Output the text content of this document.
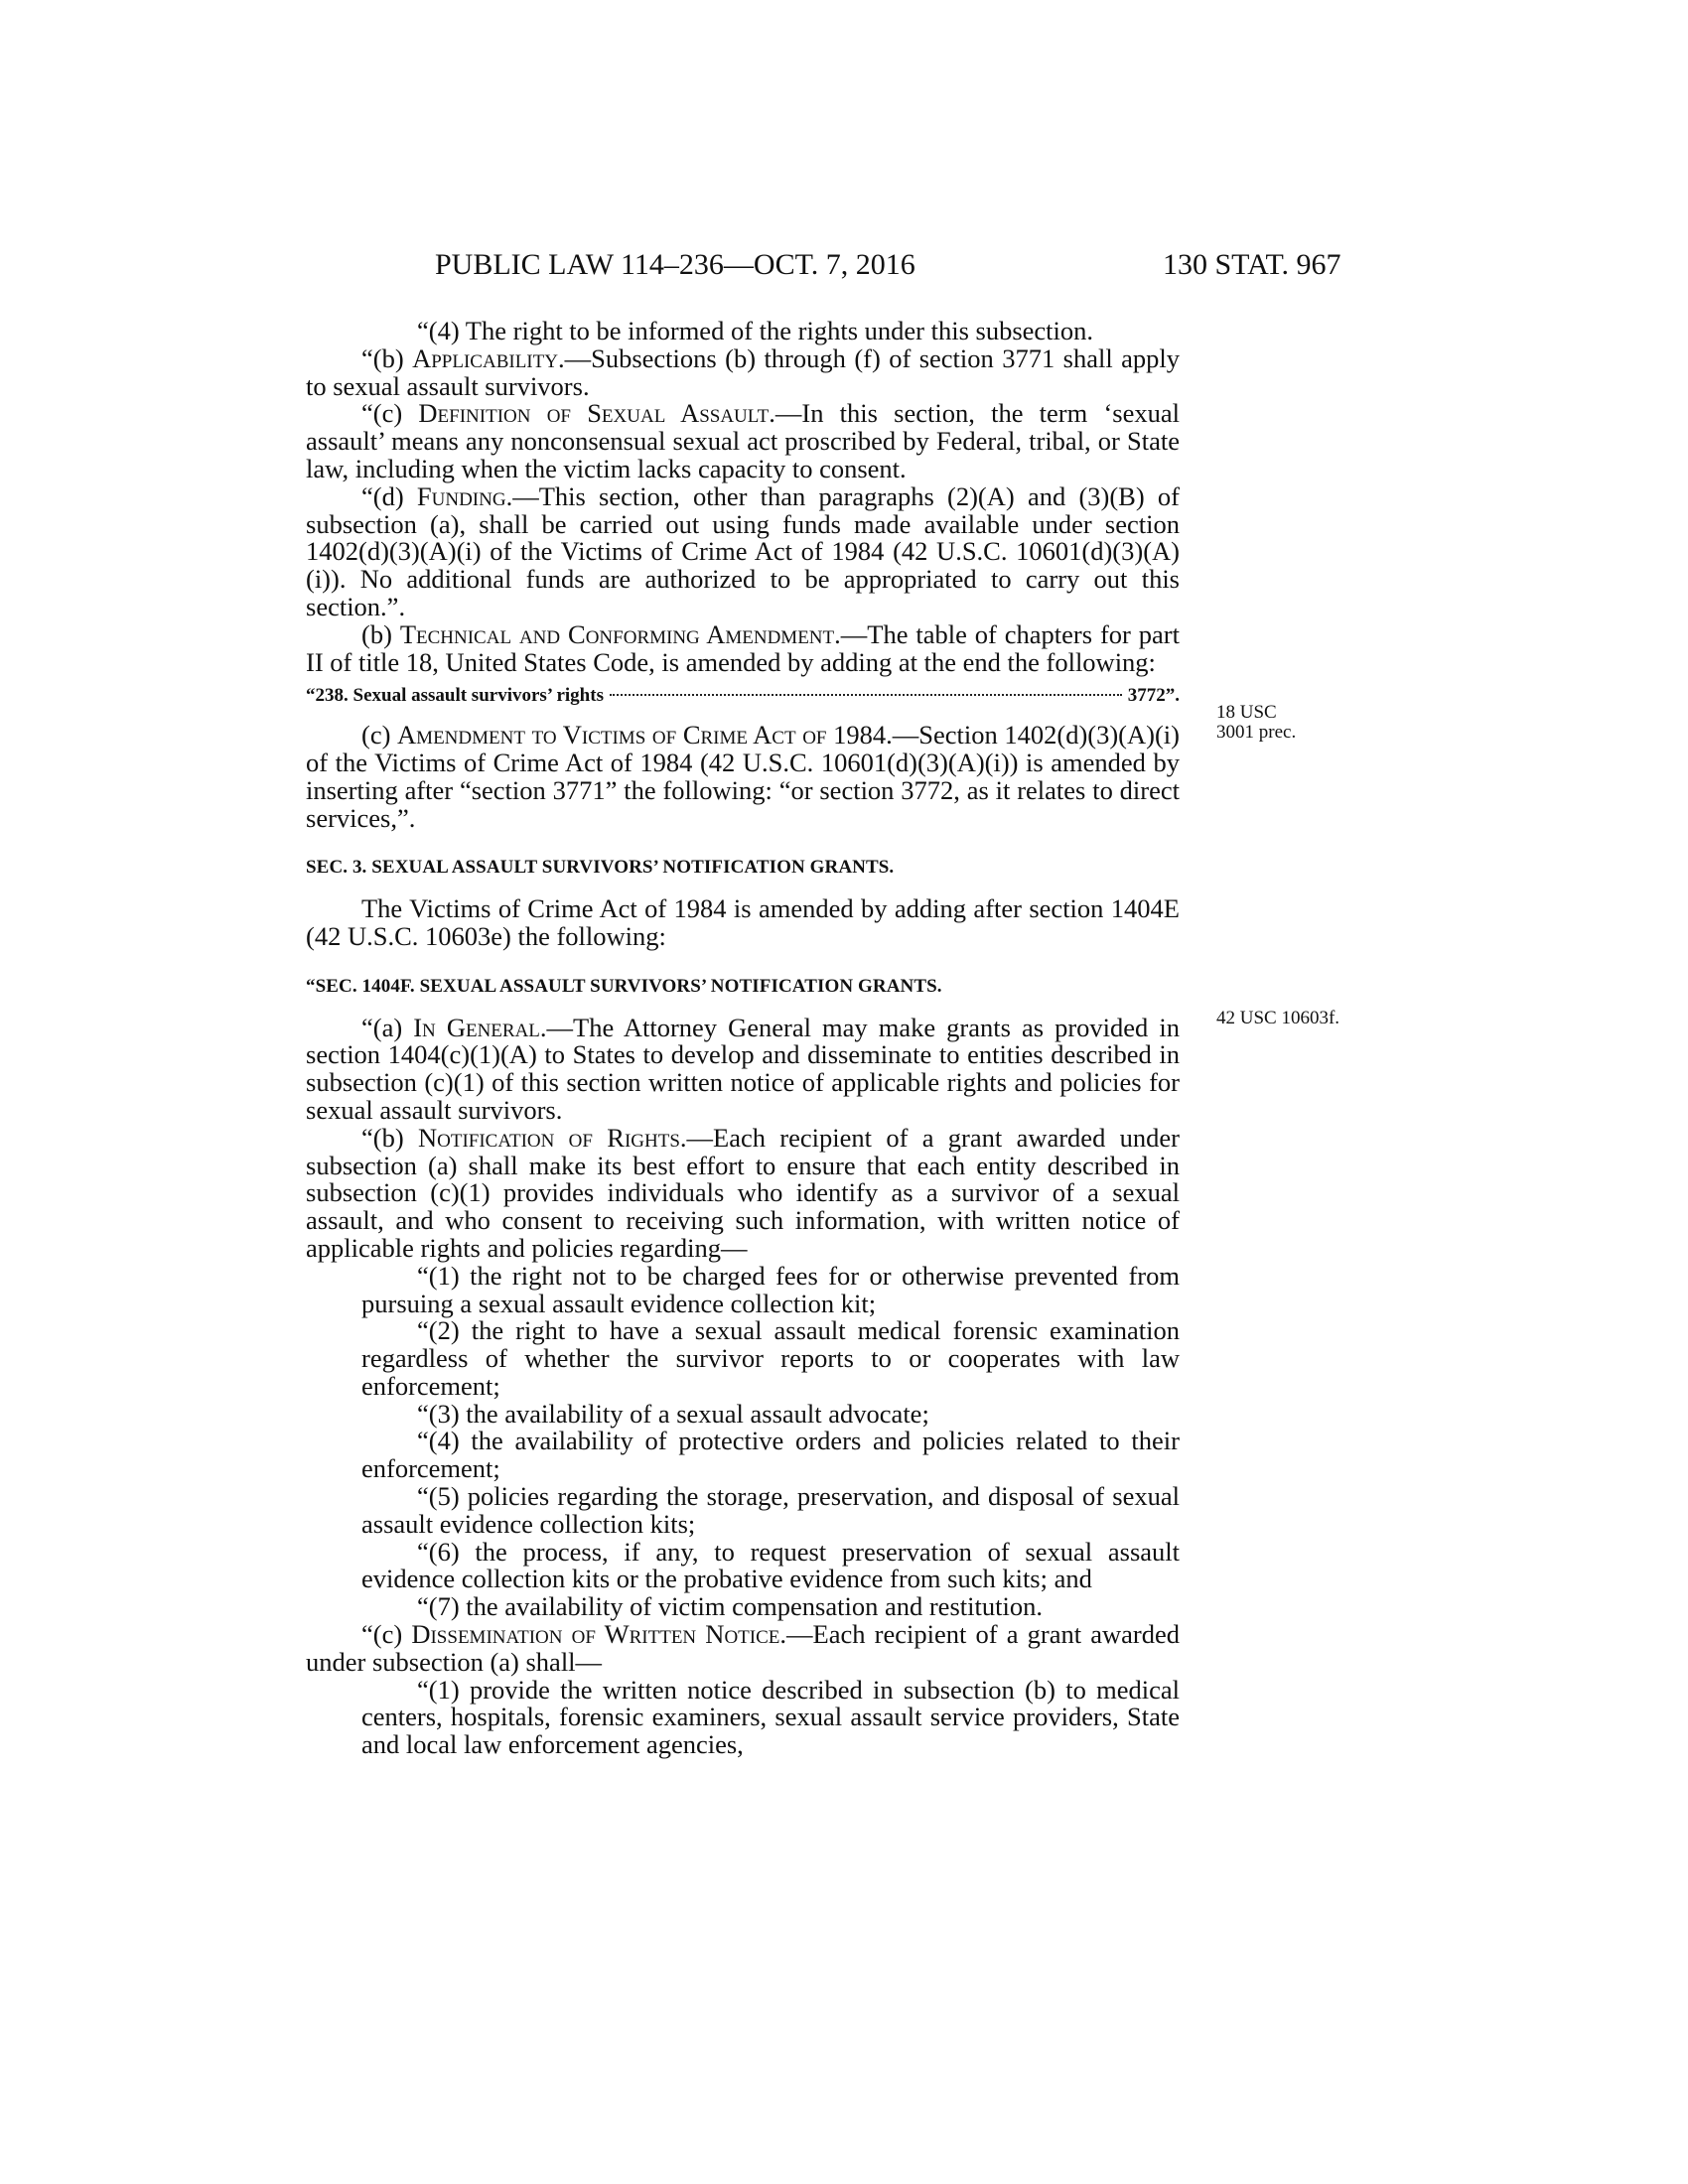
PUBLIC LAW 114–236—OCT. 7, 2016	130 STAT. 967
18 USC
3001 prec.
42 USC 10603f.

“(4) The right to be informed of the rights under this subsection.

“(b) Applicability.—Subsections (b) through (f) of section 3771 shall apply to sexual assault survivors.

“(c) Definition of Sexual Assault.—In this section, the term ‘sexual assault’ means any nonconsensual sexual act proscribed by Federal, tribal, or State law, including when the victim lacks capacity to consent.

“(d) Funding.—This section, other than paragraphs (2)(A) and (3)(B) of subsection (a), shall be carried out using funds made available under section 1402(d)(3)(A)(i) of the Victims of Crime Act of 1984 (42 U.S.C. 10601(d)(3)(A)(i)). No additional funds are authorized to be appropriated to carry out this section.”.

(b) Technical and Conforming Amendment.—The table of chapters for part II of title 18, United States Code, is amended by adding at the end the following:

“238. Sexual assault survivors’ rights	3772”.

(c) Amendment to Victims of Crime Act of 1984.—Section 1402(d)(3)(A)(i) of the Victims of Crime Act of 1984 (42 U.S.C. 10601(d)(3)(A)(i)) is amended by inserting after “section 3771” the following: “or section 3772, as it relates to direct services,”.

SEC. 3. SEXUAL ASSAULT SURVIVORS’ NOTIFICATION GRANTS.

The Victims of Crime Act of 1984 is amended by adding after section 1404E (42 U.S.C. 10603e) the following:

“SEC. 1404F. SEXUAL ASSAULT SURVIVORS’ NOTIFICATION GRANTS.

“(a) In General.—The Attorney General may make grants as provided in section 1404(c)(1)(A) to States to develop and disseminate to entities described in subsection (c)(1) of this section written notice of applicable rights and policies for sexual assault survivors.

“(b) Notification of Rights.—Each recipient of a grant awarded under subsection (a) shall make its best effort to ensure that each entity described in subsection (c)(1) provides individuals who identify as a survivor of a sexual assault, and who consent to receiving such information, with written notice of applicable rights and policies regarding—

“(1) the right not to be charged fees for or otherwise prevented from pursuing a sexual assault evidence collection kit;

“(2) the right to have a sexual assault medical forensic examination regardless of whether the survivor reports to or cooperates with law enforcement;

“(3) the availability of a sexual assault advocate;

“(4) the availability of protective orders and policies related to their enforcement;

“(5) policies regarding the storage, preservation, and disposal of sexual assault evidence collection kits;

“(6) the process, if any, to request preservation of sexual assault evidence collection kits or the probative evidence from such kits; and

“(7) the availability of victim compensation and restitution.

“(c) Dissemination of Written Notice.—Each recipient of a grant awarded under subsection (a) shall—

“(1) provide the written notice described in subsection (b) to medical centers, hospitals, forensic examiners, sexual assault service providers, State and local law enforcement agencies,
